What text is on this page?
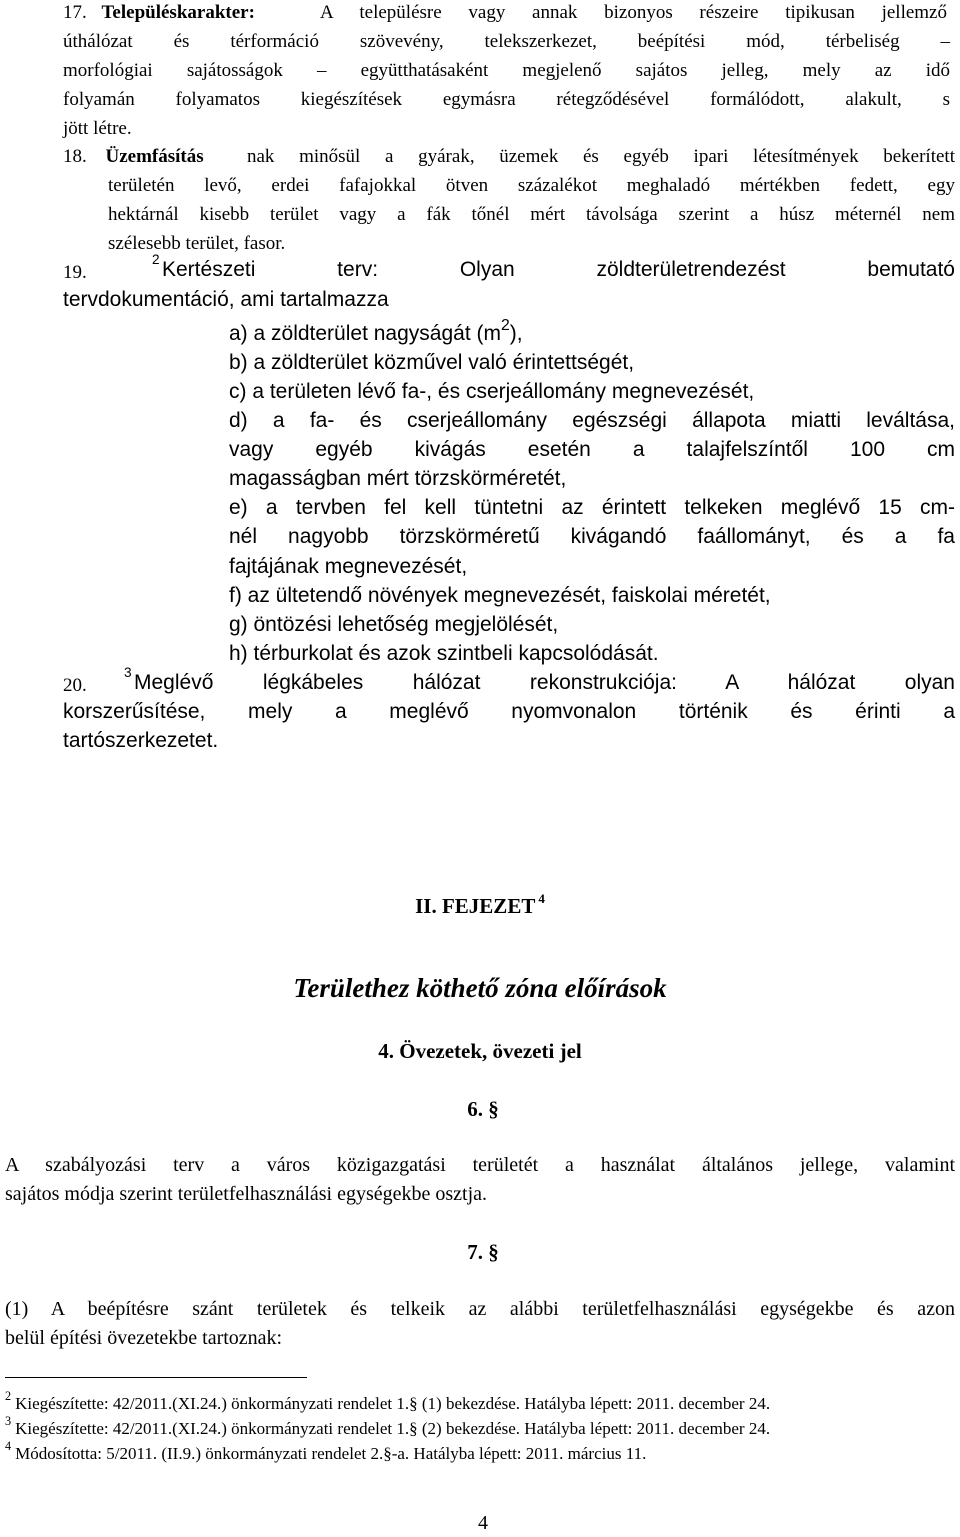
17. Településkarakter:	A településre vagy annak bizonyos részeire tipikusan jellemző
úthálózat és térformáció szövevény, telekszerkezet, beépítési mód, térbeliség –
morfológiai sajátosságok – együtthatásaként megjelenő sajátos jelleg, mely az idő
folyamán folyamatos kiegészítések egymásra rétegződésével formálódott, alakult, s
jött létre.
18. Üzemfásítás nak minősül a gyárak, üzemek és egyéb ipari létesítmények bekerített
területén levő, erdei fafajokkal ötven százalékot meghaladó mértékben fedett, egy
hektárnál kisebb terület vagy a fák tőnél mért távolsága szerint a húsz méternél nem
szélesebb terület, fasor.
19.
$^2$ Kertészeti terv: Olyan zöldterületrendezést bemutató
tervdokumentáció, ami tartalmazza
a) a zöldterület nagyságát $(m^2)$,
b) a zöldterület közművel való érintettségét,
c) a területen lévő fa-, és cserjeállomány megnevezését,
d) a fa- és cserjeállomány egészségi állapota miatti leváltása,
vagy egyéb kivágás esetén a talajfelszíntől 100 cm
magasságban mért törzskörméretét,
e) a tervben fel kell tüntetni az érintett telkeken meglévő 15 cm-
nél nagyobb törzskörméretű kivágandó faállományt, és a fa
fajtájának megnevezését,
f) az ültetendő növények megnevezését, faiskolai méretét,
g) öntözési lehetőség megjelölését,
h) térburkolat és azok szintbeli kapcsolódását.
20.
$^3$ Meglévő légkábeles hálózat rekonstrukciója: A hálózat olyan
korszerűsítése, mely a meglévő nyomvonalon történik és érinti a
tartószerkezetet.
II. FEJEZET $^4$
Területhez köthető zóna előírások
4. Övezetek, övezeti jel
6. §
A szabályozási terv a város közigazgatási területét a használat általános jellege, valamint
sajátos módja szerint területfelhasználási egységekbe osztja.
7. §
(1) A beépítésre szánt területek és telkeik az alábbi területfelhasználási egységekbe és azon
belül építési övezetekbe tartoznak:
$^2$ Kiegészítette: 42/2011.(XI.24.) önkormányzati rendelet 1.§ (1) bekezdése. Hatályba lépett: 2011. december 24.
$^3$ Kiegészítette: 42/2011.(XI.24.) önkormányzati rendelet 1.§ (2) bekezdése. Hatályba lépett: 2011. december 24.
$^4$ Módosította: 5/2011. (II.9.) önkormányzati rendelet 2.§-a. Hatályba lépett: 2011. március 11.
4
